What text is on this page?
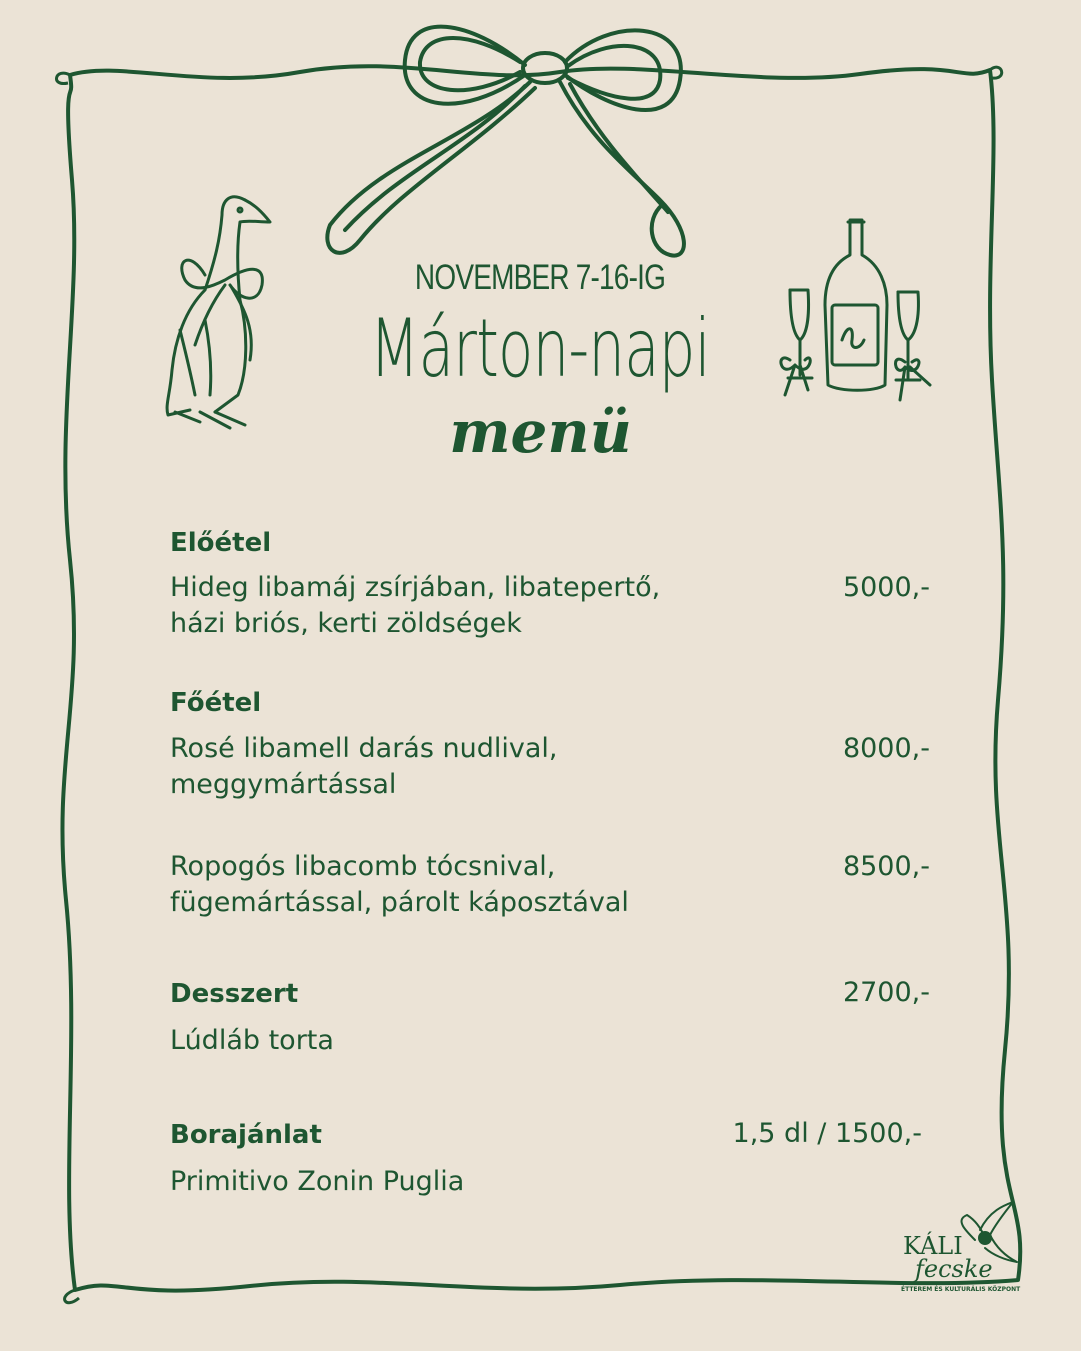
NOVEMBER 7-16-IG
Márton-napi
menü
Előétel
Hideg libamáj zsírjában, libatepertő,
házi briós, kerti zöldségek
5000,-
Főétel
Rosé libamell darás nudlival,
meggymártással
8000,-
Ropogós libacomb tócsnival,
fügemártással, párolt káposztával
8500,-
Desszert	2700,-
Lúdláb torta
Borajánlat	1,5 dl / 1500,-
Primitivo Zonin Puglia
KÁLI
fecske
ÉTTEREM ÉS KULTURÁLIS KÖZPONT
